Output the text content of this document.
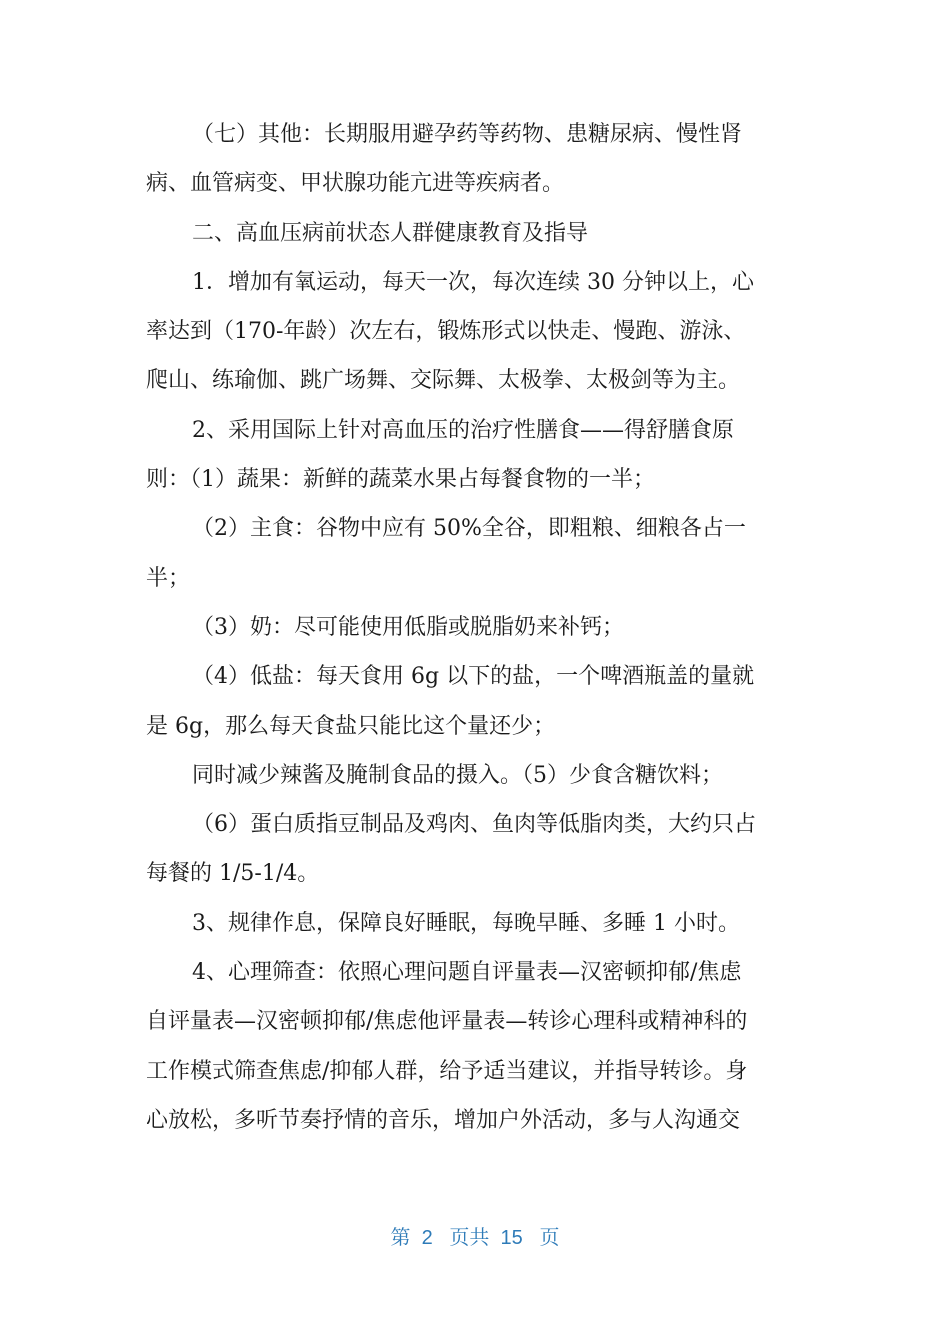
（七）其他：长期服用避孕药等药物、患糖尿病、慢性肾
病、血管病变、甲状腺功能亢进等疾病者。
二、高血压病前状态人群健康教育及指导
1．增加有氧运动，每天一次，每次连续 30 分钟以上，心
率达到（170-年龄）次左右，锻炼形式以快走、慢跑、游泳、
爬山、练瑜伽、跳广场舞、交际舞、太极拳、太极剑等为主。
2、采用国际上针对高血压的治疗性膳食——得舒膳食原
则：（1）蔬果：新鲜的蔬菜水果占每餐食物的一半；
（2）主食：谷物中应有 50%全谷，即粗粮、细粮各占一
半；
（3）奶：尽可能使用低脂或脱脂奶来补钙；
（4）低盐：每天食用 6g 以下的盐，一个啤酒瓶盖的量就
是 6g，那么每天食盐只能比这个量还少；
同时减少辣酱及腌制食品的摄入。（5）少食含糖饮料；
（6）蛋白质指豆制品及鸡肉、鱼肉等低脂肉类，大约只占
每餐的 1/5-1/4。
3、规律作息，保障良好睡眠，每晚早睡、多睡 1 小时。
4、心理筛查：依照心理问题自评量表—汉密顿抑郁/焦虑
自评量表—汉密顿抑郁/焦虑他评量表—转诊心理科或精神科的
工作模式筛查焦虑/抑郁人群，给予适当建议，并指导转诊。身
心放松，多听节奏抒情的音乐，增加户外活动，多与人沟通交
第  2   页共  15   页
